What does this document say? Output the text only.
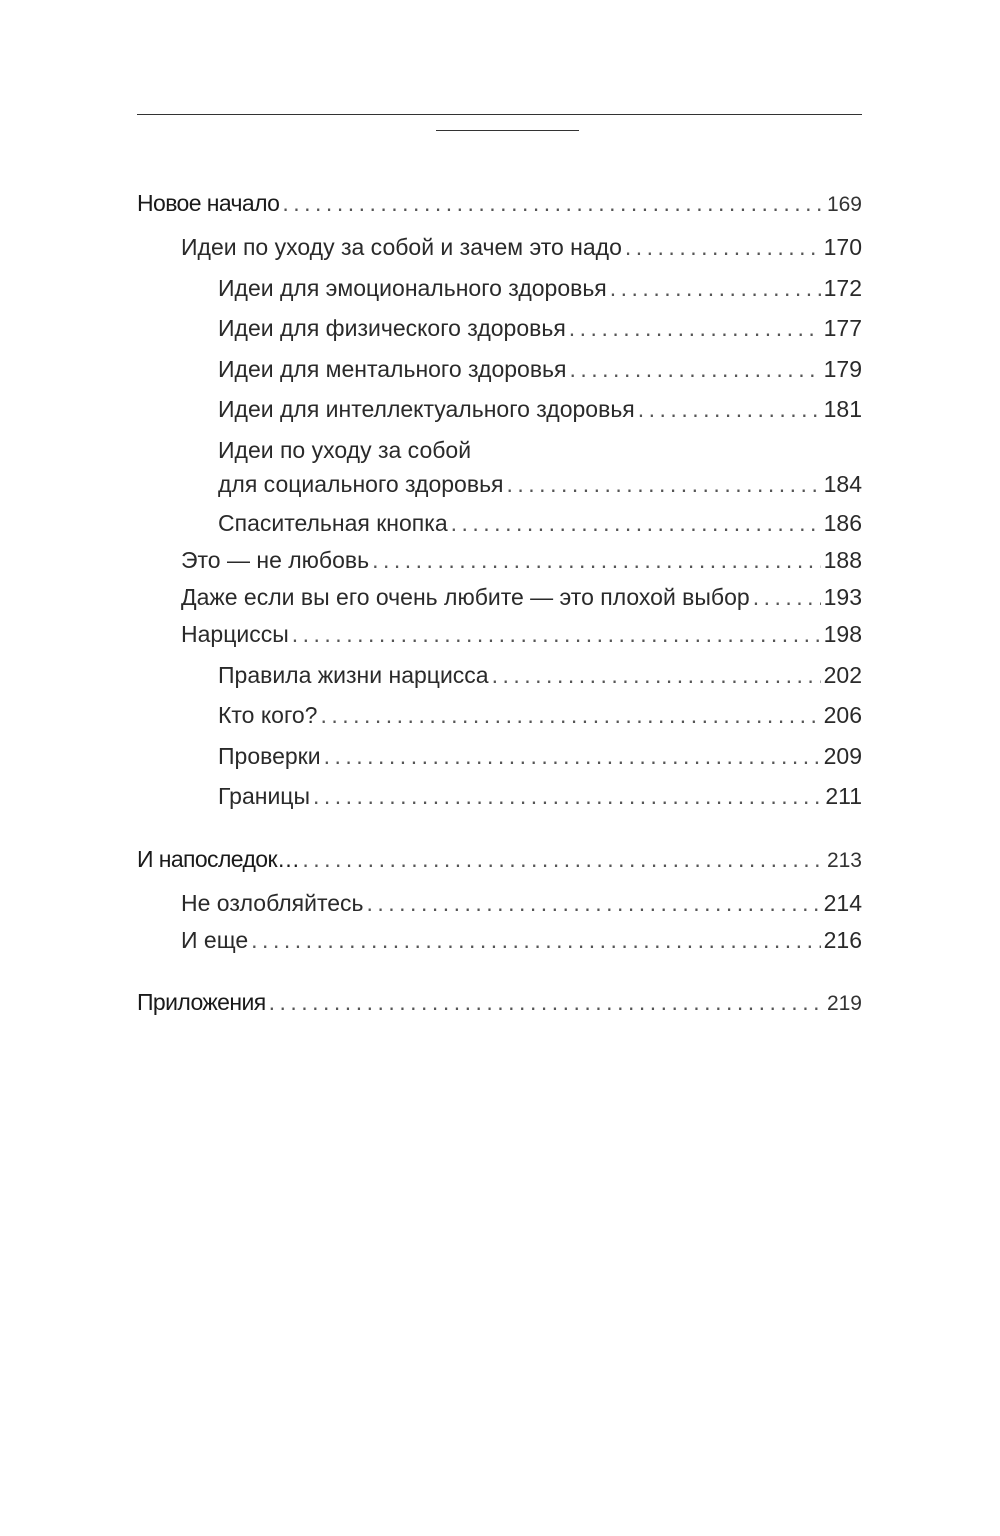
Новое начало .....	169
Идеи по уходу за собой и зачем это надо .....	170
Идеи для эмоционального здоровья .....	172
Идеи для физического здоровья .....	177
Идеи для ментального здоровья .....	179
Идеи для интеллектуального здоровья .....	181
Идеи по уходу за собой
для социального здоровья .....	184
Спасительная кнопка .....	186
Это — не любовь .....	188
Даже если вы его очень любите — это плохой выбор .....	193
Нарциссы .....	198
Правила жизни нарцисса .....	202
Кто кого? .....	206
Проверки .....	209
Границы .....	211
И напоследок… .....	213
Не озлобляйтесь .....	214
И еще .....	216
Приложения .....	219
